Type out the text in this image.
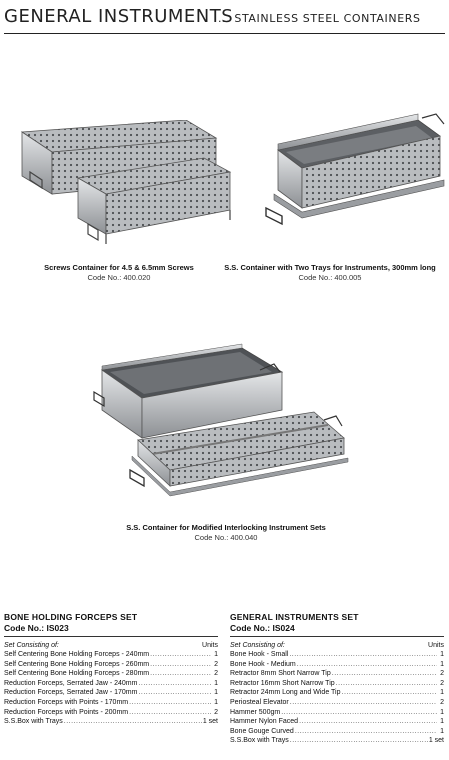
GENERAL INSTRUMENTS
... STAINLESS STEEL CONTAINERS
Screws Container for 4.5 & 6.5mm Screws
Code No.: 400.020
S.S. Container with Two Trays for Instruments, 300mm long
Code No.: 400.005
S.S. Container for Modified Interlocking Instrument Sets
Code No.: 400.040
BONE HOLDING FORCEPS SET
Code No.: IS023
Set Consisting of:	Units
Self Centering Bone Holding Forceps - 240mm .....	1
Self Centering Bone Holding Forceps - 260mm .....	2
Self Centering Bone Holding Forceps - 280mm .....	2
Reduction Forceps, Serrated Jaw - 240mm .....	1
Reduction Forceps, Serrated Jaw - 170mm .....	1
Reduction Forceps with Points - 170mm .....	1
Reduction Forceps with Points - 200mm .....	2
S.S.Box with Trays .....	1 set
GENERAL INSTRUMENTS SET
Code No.: IS024
Set Consisting of:	Units
Bone Hook - Small .....	1
Bone Hook - Medium .....	1
Retractor 8mm Short Narrow Tip .....	2
Retractor 16mm Short Narrow Tip .....	2
Retractor 24mm Long and Wide Tip .....	1
Periosteal Elevator .....	2
Hammer 500gm .....	1
Hammer Nylon Faced .....	1
Bone Gouge Curved .....	1
S.S.Box with Trays .....	1 set
